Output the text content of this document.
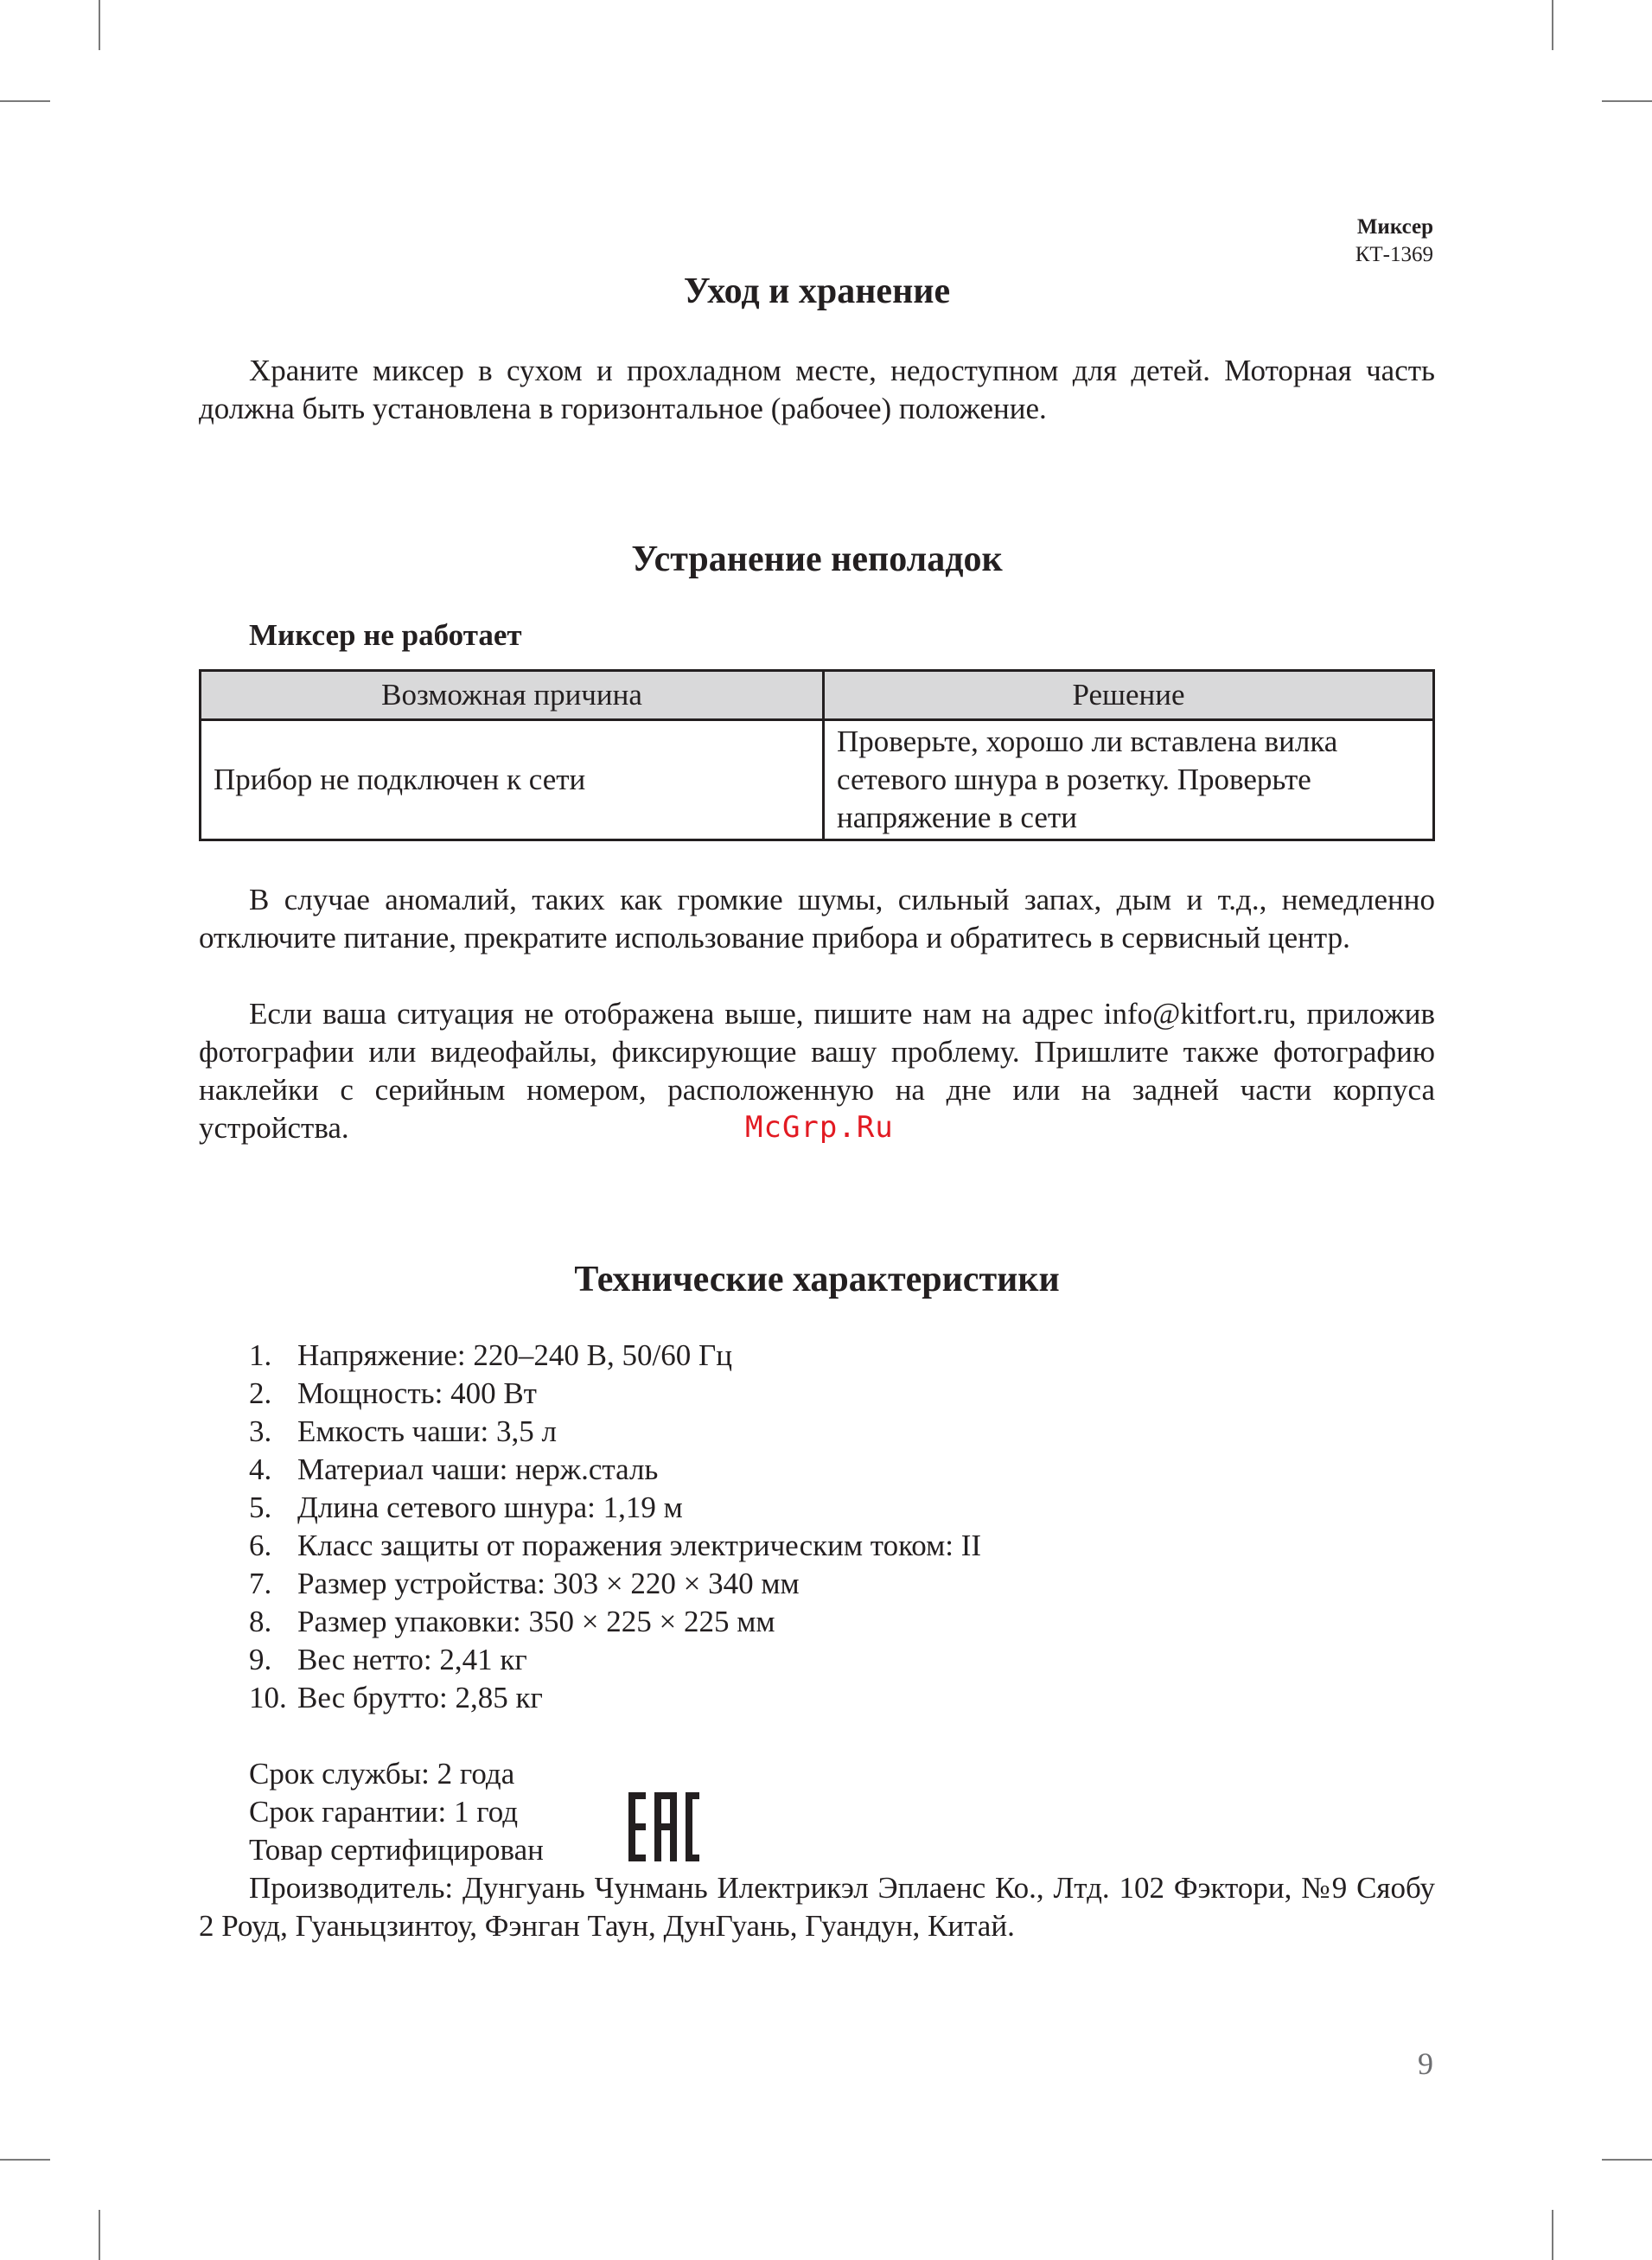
Миксер
КТ-1369
Уход и хранение

Храните миксер в сухом и прохладном месте, недоступном для детей. Моторная часть должна быть установлена в горизонтальное (рабочее) положение.

Устранение неполадок
Миксер не работает
Возможная причина	Решение
Прибор не подключен к сети	Проверьте, хорошо ли вставлена вилка сетевого шнура в розетку. Проверьте напряжение в сети

В случае аномалий, таких как громкие шумы, сильный запах, дым и т.д., немедленно отключите питание, прекратите использование прибора и обратитесь в сервисный центр.

Если ваша ситуация не отображена выше, пишите нам на адрес info@kitfort.ru, приложив фотографии или видеофайлы, фиксирующие вашу проблему. Пришлите также фотографию наклейки с серийным номером, расположенную на дне или на задней части корпуса устройства.	McGrp.Ru
Технические характеристики
1. Напряжение: 220–240 В, 50/60 Гц
2. Мощность: 400 Вт
3. Емкость чаши: 3,5 л
4. Материал чаши: нерж.сталь
5. Длина сетевого шнура: 1,19 м
6. Класс защиты от поражения электрическим током: II
7. Размер устройства: 303 × 220 × 340 мм
8. Размер упаковки: 350 × 225 × 225 мм
9. Вес нетто: 2,41 кг
10. Вес брутто: 2,85 кг
Срок службы: 2 года
Срок гарантии: 1 год
Товар сертифицирован
Производитель: Дунгуань Чунмань Илектрикэл Эплаенс Ко., Лтд. 102 Фэктори, №9 Сяобу 2 Роуд, Гуаньцзинтоу, Фэнган Таун, ДунГуань, Гуандун, Китай.
9
